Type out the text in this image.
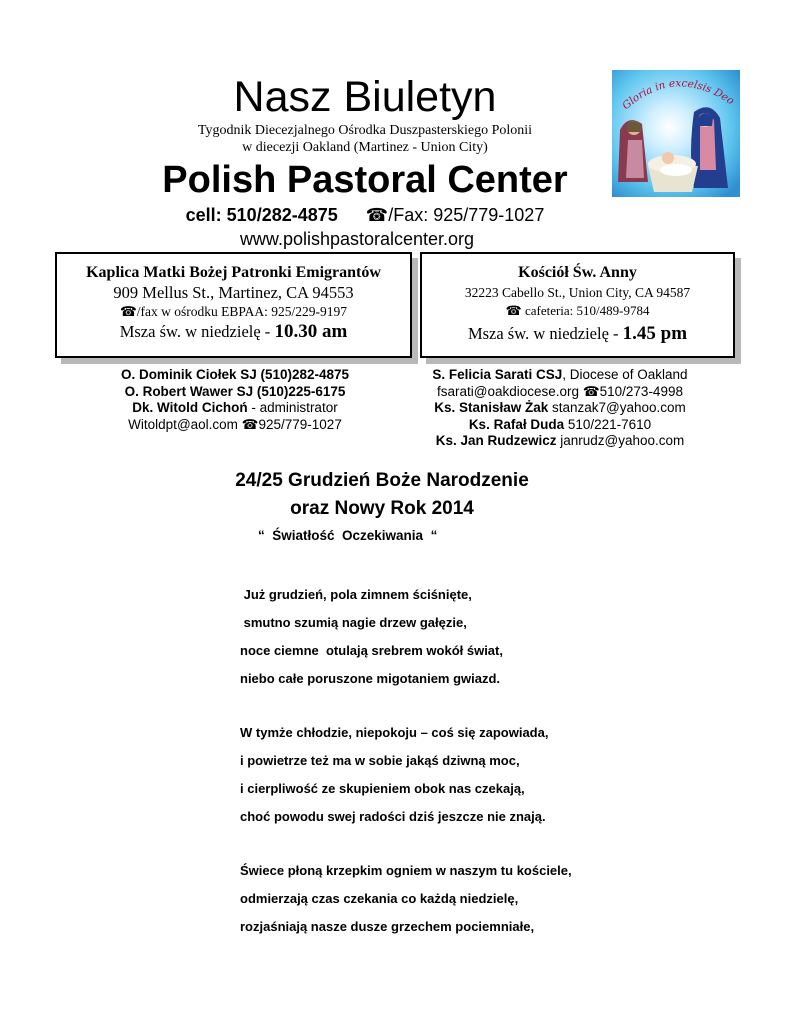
Nasz Biuletyn
Tygodnik Diecezjalnego Ośrodka Duszpasterskiego Polonii
w diecezji Oakland (Martinez - Union City)
Polish Pastoral Center
cell: 510/282-4875 ☎/Fax: 925/779-1027
www.polishpastoralcenter.org
Gloria in excelsis Deo
Kaplica Matki Bożej Patronki Emigrantów
909 Mellus St., Martinez, CA 94553
☎/fax w ośrodku EBPAA: 925/229-9197
Msza św. w niedzielę - 10.30 am
Kościół Św. Anny
32223 Cabello St., Union City, CA 94587
☎ cafeteria: 510/489-9784
Msza św. w niedzielę - 1.45 pm
O. Dominik Ciołek SJ (510)282-4875
O. Robert Wawer SJ (510)225-6175
Dk. Witold Cichoń - administrator
Witoldpt@aol.com ☎925/779-1027
S. Felicia Sarati CSJ, Diocese of Oakland
fsarati@oakdiocese.org ☎510/273-4998
Ks. Stanisław Żak stanzak7@yahoo.com
Ks. Rafał Duda 510/221-7610
Ks. Jan Rudzewicz janrudz@yahoo.com
24/25 Grudzień Boże Narodzenie
oraz Nowy Rok 2014
“  Światłość  Oczekiwania  “
Już grudzień, pola zimnem ściśnięte,
smutno szumią nagie drzew gałęzie,
noce ciemne  otulają srebrem wokół świat,
niebo całe poruszone migotaniem gwiazd.
W tymże chłodzie, niepokoju – coś się zapowiada,
i powietrze też ma w sobie jakąś dziwną moc,
i cierpliwość ze skupieniem obok nas czekają,
choć powodu swej radości dziś jeszcze nie znają.
Świece płoną krzepkim ogniem w naszym tu kościele,
odmierzają czas czekania co każdą niedzielę,
rozjaśniają nasze dusze grzechem pociemniałe,
